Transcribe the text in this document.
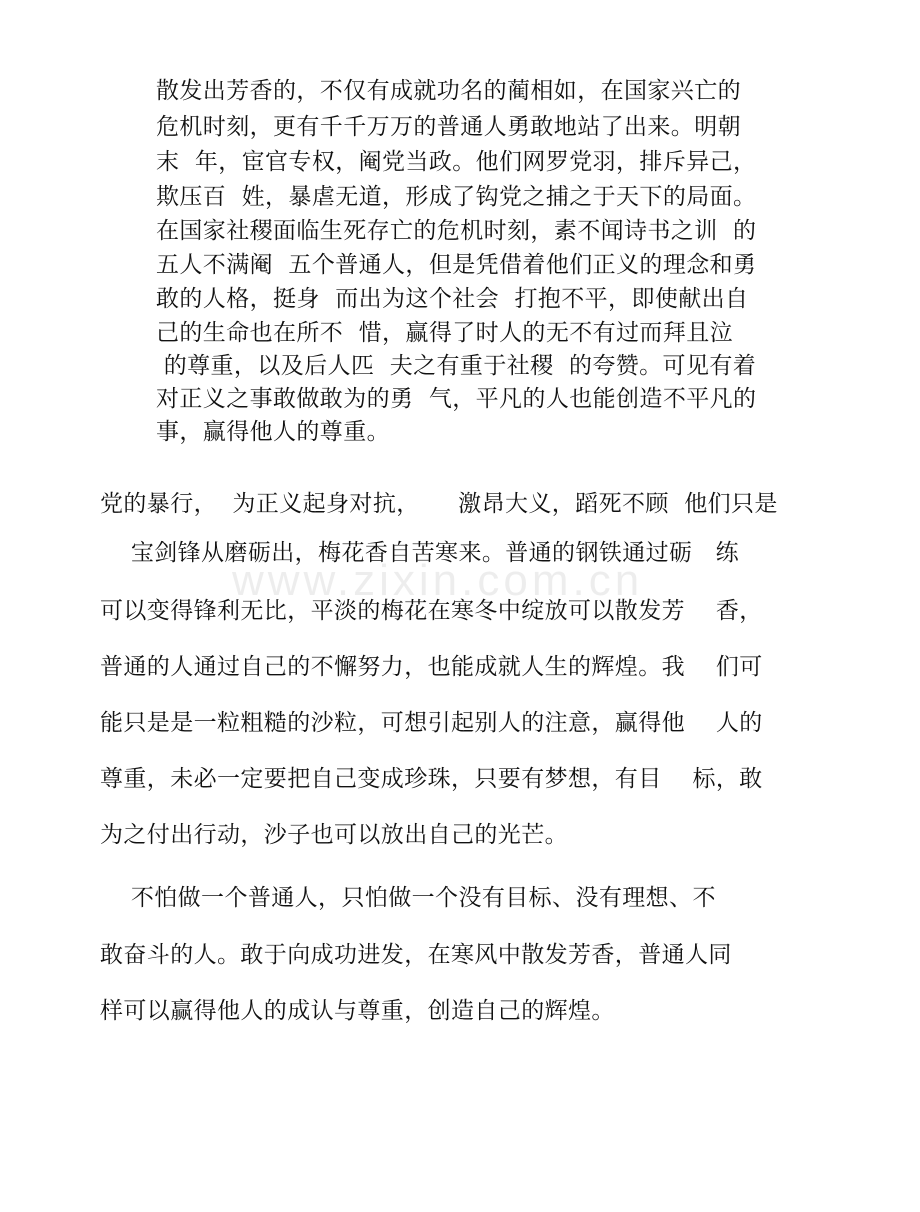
散发出芳香的，不仅有成就功名的蔺相如，在国家兴亡的
危机时刻，更有千千万万的普通人勇敢地站了出来。明朝
末  年，宦官专权，阉党当政。他们网罗党羽，排斥异己，
欺压百  姓，暴虐无道，形成了钩党之捕之于天下的局面。
在国家社稷面临生死存亡的危机时刻，素不闻诗书之训  的
五人不满阉  五个普通人，但是凭借着他们正义的理念和勇
敢的人格，挺身  而出为这个社会  打抱不平，即使献出自
己的生命也在所不  惜，赢得了时人的无不有过而拜且泣
的尊重，以及后人匹  夫之有重于社稷  的夸赞。可见有着
对正义之事敢做敢为的勇  气，平凡的人也能创造不平凡的
事，赢得他人的尊重。
党的暴行，  为正义起身对抗，     激昂大义，蹈死不顾  他们只是
宝剑锋从磨砺出，梅花香自苦寒来。普通的钢铁通过砺   练
可以变得锋利无比，平淡的梅花在寒冬中绽放可以散发芳    香，
普通的人通过自己的不懈努力，也能成就人生的辉煌。我    们可
能只是是一粒粗糙的沙粒，可想引起别人的注意，赢得他    人的
尊重，未必一定要把自己变成珍珠，只要有梦想，有目    标，敢
为之付出行动，沙子也可以放出自己的光芒。
不怕做一个普通人，只怕做一个没有目标、没有理想、不
敢奋斗的人。敢于向成功进发，在寒风中散发芳香，普通人同
样可以赢得他人的成认与尊重，创造自己的辉煌。
www.zixin.com.cn
